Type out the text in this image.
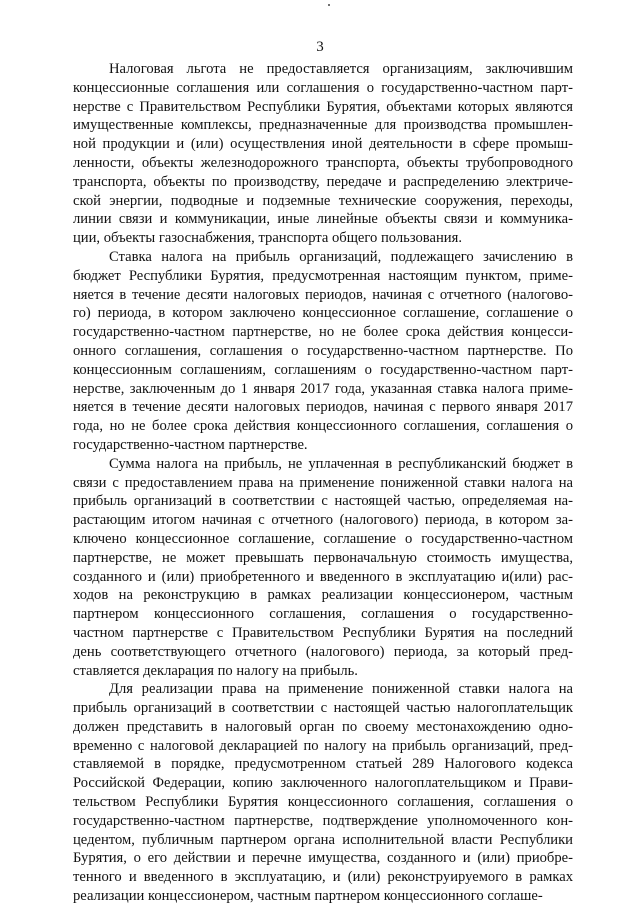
3
Налоговая льгота не предоставляется организациям, заключившим
концессионные соглашения или соглашения о государственно-частном парт-
нерстве с Правительством Республики Бурятия, объектами которых являются
имущественные комплексы, предназначенные для производства промышлен-
ной продукции и (или) осуществления иной деятельности в сфере промыш-
ленности, объекты железнодорожного транспорта, объекты трубопроводного
транспорта, объекты по производству, передаче и распределению электриче-
ской энергии, подводные и подземные технические сооружения, переходы,
линии связи и коммуникации, иные линейные объекты связи и коммуника-
ции, объекты газоснабжения, транспорта общего пользования.
Ставка налога на прибыль организаций, подлежащего зачислению в
бюджет Республики Бурятия, предусмотренная настоящим пунктом, приме-
няется в течение десяти налоговых периодов, начиная с отчетного (налогово-
го) периода, в котором заключено концессионное соглашение, соглашение о
государственно-частном партнерстве, но не более срока действия концесси-
онного соглашения, соглашения о государственно-частном партнерстве. По
концессионным соглашениям, соглашениям о государственно-частном парт-
нерстве, заключенным до 1 января 2017 года, указанная ставка налога приме-
няется в течение десяти налоговых периодов, начиная с первого января 2017
года, но не более срока действия концессионного соглашения, соглашения о
государственно-частном партнерстве.
Сумма налога на прибыль, не уплаченная в республиканский бюджет в
связи с предоставлением права на применение пониженной ставки налога на
прибыль организаций в соответствии с настоящей частью, определяемая на-
растающим итогом начиная с отчетного (налогового) периода, в котором за-
ключено концессионное соглашение, соглашение о государственно-частном
партнерстве, не может превышать первоначальную стоимость имущества,
созданного и (или) приобретенного и введенного в эксплуатацию и(или) рас-
ходов на реконструкцию в рамках реализации концессионером, частным
партнером концессионного соглашения, соглашения о государственно-
частном партнерстве с Правительством Республики Бурятия на последний
день соответствующего отчетного (налогового) периода, за который пред-
ставляется декларация по налогу на прибыль.
Для реализации права на применение пониженной ставки налога на
прибыль организаций в соответствии с настоящей частью налогоплательщик
должен представить в налоговый орган по своему местонахождению одно-
временно с налоговой декларацией по налогу на прибыль организаций, пред-
ставляемой в порядке, предусмотренном статьей 289 Налогового кодекса
Российской Федерации, копию заключенного налогоплательщиком и Прави-
тельством Республики Бурятия концессионного соглашения, соглашения о
государственно-частном партнерстве, подтверждение уполномоченного кон-
цедентом, публичным партнером органа исполнительной власти Республики
Бурятия, о его действии и перечне имущества, созданного и (или) приобре-
тенного и введенного в эксплуатацию, и (или) реконструируемого в рамках
реализации концессионером, частным партнером концессионного соглаше-
